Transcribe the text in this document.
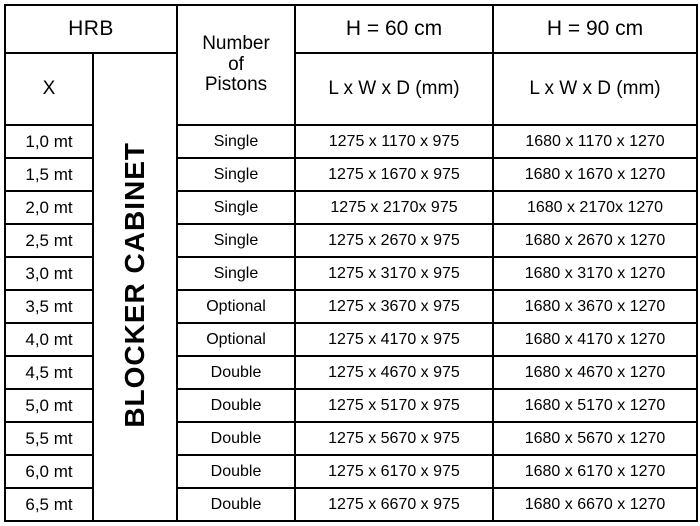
HRB		Number
of
Pistons	H = 60 cm	H = 90 cm
X	BLOCKER CABINET		L x W x D (mm)	L x W x D (mm)
1,0 mt		Single	1275 x 1170 x 975	1680 x 1170 x 1270
1,5 mt		Single	1275 x 1670 x 975	1680 x 1670 x 1270
2,0 mt		Single	1275 x 2170x 975	1680 x 2170x 1270
2,5 mt		Single	1275 x 2670 x 975	1680 x 2670 x 1270
3,0 mt		Single	1275 x 3170 x 975	1680 x 3170 x 1270
3,5 mt		Optional	1275 x 3670 x 975	1680 x 3670 x 1270
4,0 mt		Optional	1275 x 4170 x 975	1680 x 4170 x 1270
4,5 mt		Double	1275 x 4670 x 975	1680 x 4670 x 1270
5,0 mt		Double	1275 x 5170 x 975	1680 x 5170 x 1270
5,5 mt		Double	1275 x 5670 x 975	1680 x 5670 x 1270
6,0 mt		Double	1275 x 6170 x 975	1680 x 6170 x 1270
6,5 mt		Double	1275 x 6670 x 975	1680 x 6670 x 1270
